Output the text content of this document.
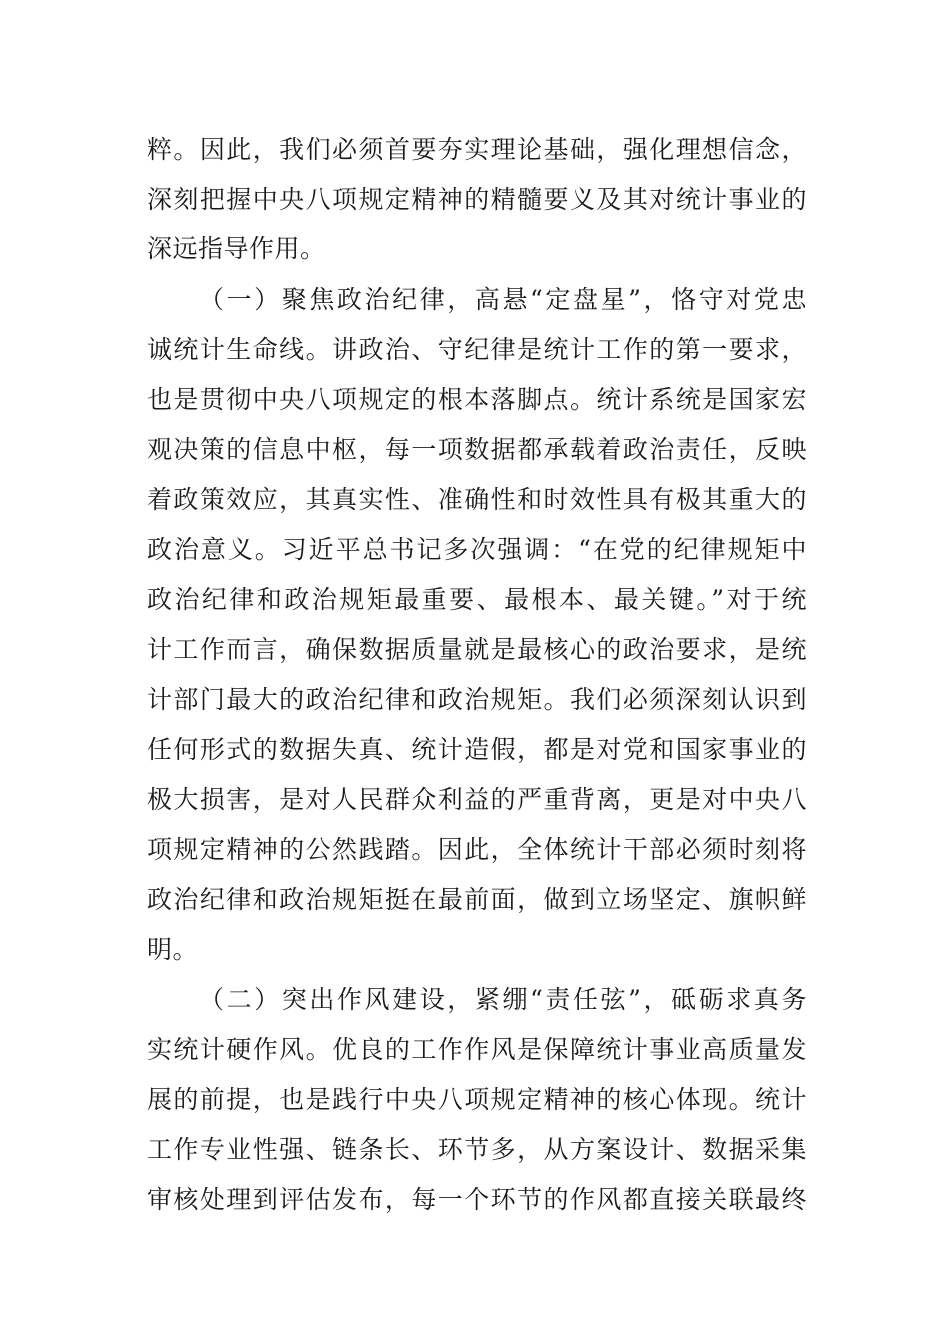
粹。因此，我们必须首要夯实理论基础，强化理想信念，
深刻把握中央八项规定精神的精髓要义及其对统计事业的
深远指导作用。
（一）聚焦政治纪律，高悬“定盘星”，恪守对党忠
诚统计生命线。讲政治、守纪律是统计工作的第一要求，
也是贯彻中央八项规定的根本落脚点。统计系统是国家宏
观决策的信息中枢，每一项数据都承载着政治责任，反映
着政策效应，其真实性、准确性和时效性具有极其重大的
政治意义。习近平总书记多次强调：“在党的纪律规矩中
政治纪律和政治规矩最重要、最根本、最关键。”对于统
计工作而言，确保数据质量就是最核心的政治要求，是统
计部门最大的政治纪律和政治规矩。我们必须深刻认识到
任何形式的数据失真、统计造假，都是对党和国家事业的
极大损害，是对人民群众利益的严重背离，更是对中央八
项规定精神的公然践踏。因此，全体统计干部必须时刻将
政治纪律和政治规矩挺在最前面，做到立场坚定、旗帜鲜
明。
（二）突出作风建设，紧绷“责任弦”，砥砺求真务
实统计硬作风。优良的工作作风是保障统计事业高质量发
展的前提，也是践行中央八项规定精神的核心体现。统计
工作专业性强、链条长、环节多，从方案设计、数据采集
审核处理到评估发布，每一个环节的作风都直接关联最终
